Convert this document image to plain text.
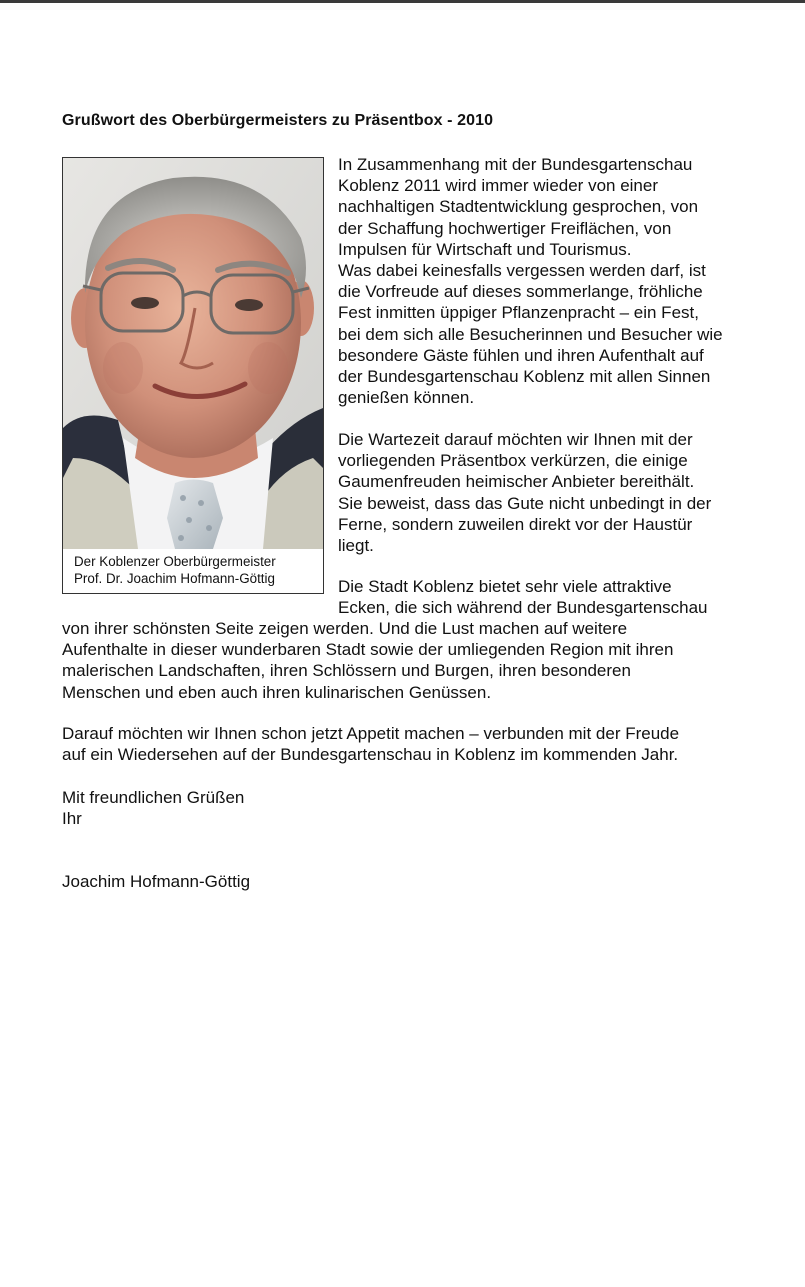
Grußwort des Oberbürgermeisters zu Präsentbox - 2010
Der Koblenzer Oberbürgermeister
Prof. Dr. Joachim Hofmann-Göttig

In Zusammenhang mit der Bundesgartenschau

Koblenz 2011 wird immer wieder von einer

nachhaltigen Stadtentwicklung gesprochen, von

der Schaffung hochwertiger Freiflächen, von

Impulsen für Wirtschaft und Tourismus.

Was dabei keinesfalls vergessen werden darf, ist

die Vorfreude auf dieses sommerlange, fröhliche

Fest inmitten üppiger Pflanzenpracht – ein Fest,

bei dem sich alle Besucherinnen und Besucher wie

besondere Gäste fühlen und ihren Aufenthalt auf

der Bundesgartenschau Koblenz mit allen Sinnen

genießen können.

Die Wartezeit darauf möchten wir Ihnen mit der

vorliegenden Präsentbox verkürzen, die einige

Gaumenfreuden heimischer Anbieter bereithält.

Sie beweist, dass das Gute nicht unbedingt in der

Ferne, sondern zuweilen direkt vor der Haustür

liegt.

Die Stadt Koblenz bietet sehr viele attraktive

Ecken, die sich während der Bundesgartenschau

von ihrer schönsten Seite zeigen werden. Und die Lust machen auf weitere

Aufenthalte in dieser wunderbaren Stadt sowie der umliegenden Region mit ihren

malerischen Landschaften, ihren Schlössern und Burgen, ihren besonderen

Menschen und eben auch ihren kulinarischen Genüssen.

Darauf möchten wir Ihnen schon jetzt Appetit machen – verbunden mit der Freude

auf ein Wiedersehen auf der Bundesgartenschau in Koblenz im kommenden Jahr.

Mit freundlichen Grüßen

Ihr

Joachim Hofmann-Göttig
